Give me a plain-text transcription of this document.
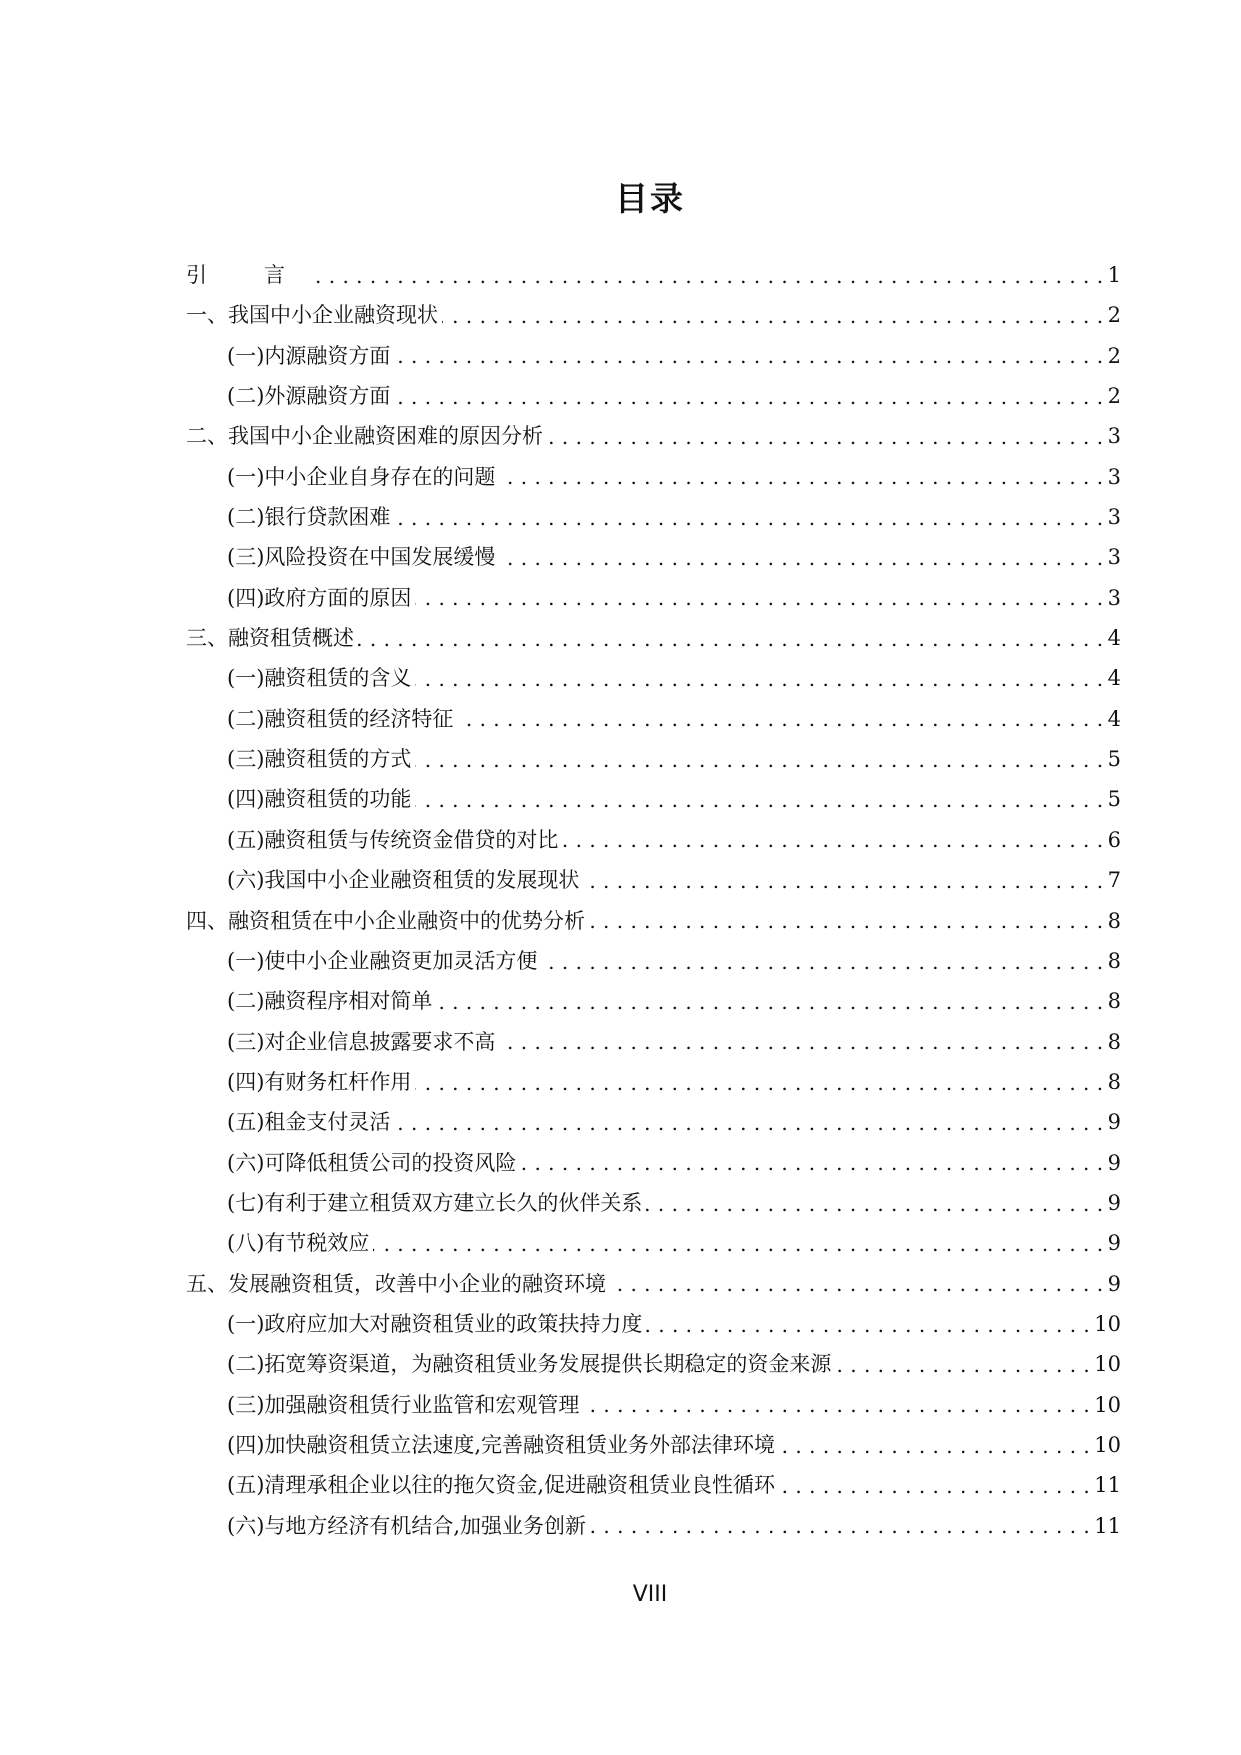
目录
引　言 . . .	1
一、我国中小企业融资现状 . . .	2
(一)内源融资方面 . . .	2
(二)外源融资方面 . . .	2
二、我国中小企业融资困难的原因分析 . . .	3
(一)中小企业自身存在的问题 . . .	3
(二)银行贷款困难 . . .	3
(三)风险投资在中国发展缓慢 . . .	3
(四)政府方面的原因 . . .	3
三、融资租赁概述 . . .	4
(一)融资租赁的含义 . . .	4
(二)融资租赁的经济特征 . . .	4
(三)融资租赁的方式 . . .	5
(四)融资租赁的功能 . . .	5
(五)融资租赁与传统资金借贷的对比 . . .	6
(六)我国中小企业融资租赁的发展现状 . . .	7
四、融资租赁在中小企业融资中的优势分析 . . .	8
(一)使中小企业融资更加灵活方便 . . .	8
(二)融资程序相对简单 . . .	8
(三)对企业信息披露要求不高 . . .	8
(四)有财务杠杆作用 . . .	8
(五)租金支付灵活 . . .	9
(六)可降低租赁公司的投资风险 . . .	9
(七)有利于建立租赁双方建立长久的伙伴关系 . . .	9
(八)有节税效应 . . .	9
五、发展融资租赁，改善中小企业的融资环境 . . .	9
(一)政府应加大对融资租赁业的政策扶持力度 . . .	10
(二)拓宽筹资渠道，为融资租赁业务发展提供长期稳定的资金来源 . . .	10
(三)加强融资租赁行业监管和宏观管理 . . .	10
(四)加快融资租赁立法速度,完善融资租赁业务外部法律环境 . . .	10
(五)清理承租企业以往的拖欠资金,促进融资租赁业良性循环 . . .	11
(六)与地方经济有机结合,加强业务创新 . . .	11
VIII
